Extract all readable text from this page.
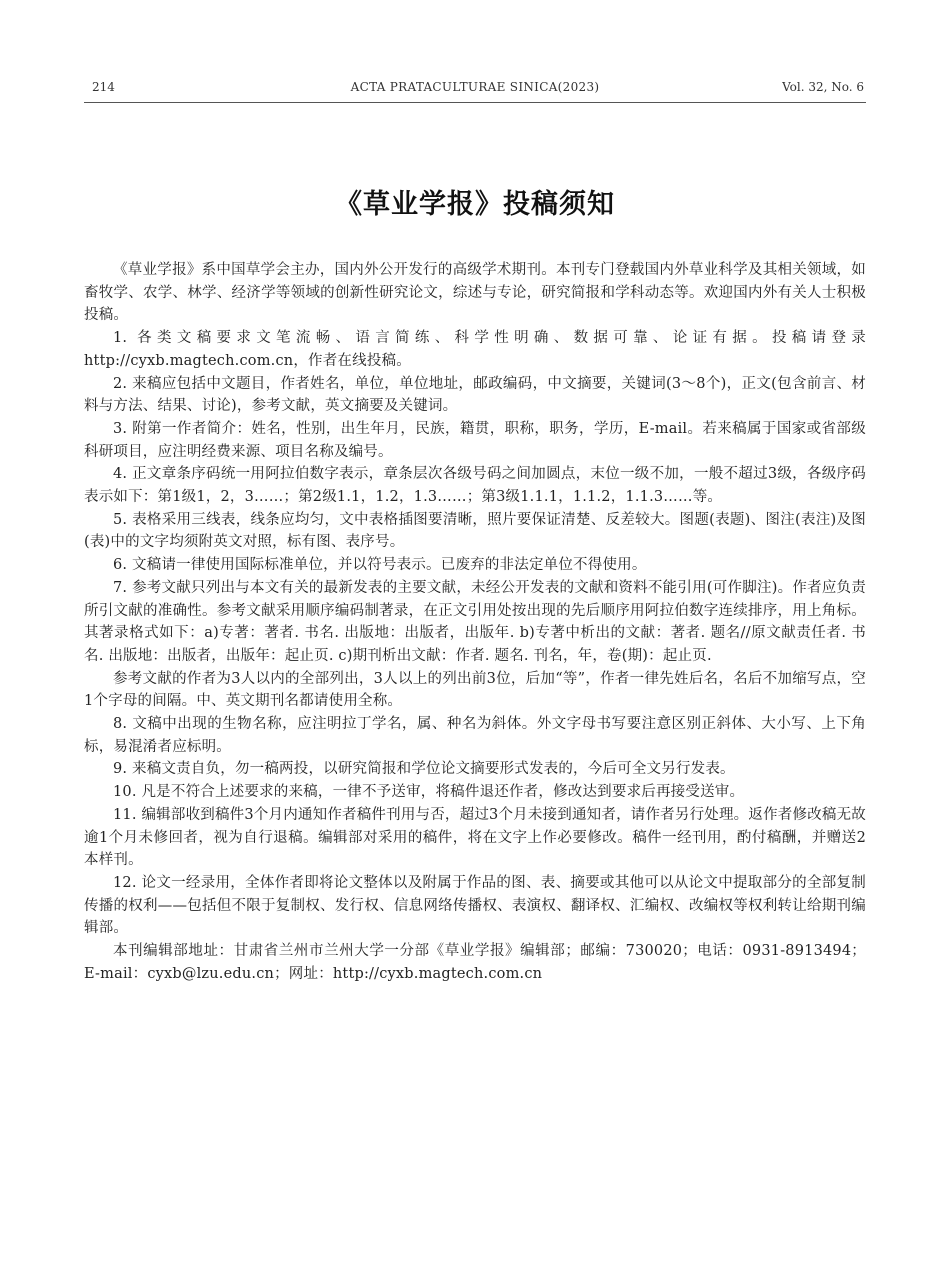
214	ACTA PRATACULTURAE SINICA(2023)	Vol. 32, No. 6
《草业学报》投稿须知

《草业学报》系中国草学会主办，国内外公开发行的高级学术期刊。本刊专门登载国内外草业科学及其相关领域，如畜牧学、农学、林学、经济学等领域的创新性研究论文，综述与专论，研究简报和学科动态等。欢迎国内外有关人士积极投稿。

1. 各类文稿要求文笔流畅、语言简练、科学性明确、数据可靠、论证有据。投稿请登录 http://cyxb.magtech.com.cn，作者在线投稿。

2. 来稿应包括中文题目，作者姓名，单位，单位地址，邮政编码，中文摘要，关键词(3～8个)，正文(包含前言、材料与方法、结果、讨论)，参考文献，英文摘要及关键词。

3. 附第一作者简介：姓名，性别，出生年月，民族，籍贯，职称，职务，学历，E-mail。若来稿属于国家或省部级科研项目，应注明经费来源、项目名称及编号。

4. 正文章条序码统一用阿拉伯数字表示，章条层次各级号码之间加圆点，末位一级不加，一般不超过3级，各级序码表示如下：第1级1，2，3……；第2级1.1，1.2，1.3……；第3级1.1.1，1.1.2，1.1.3……等。

5. 表格采用三线表，线条应均匀，文中表格插图要清晰，照片要保证清楚、反差较大。图题(表题)、图注(表注)及图(表)中的文字均须附英文对照，标有图、表序号。

6. 文稿请一律使用国际标准单位，并以符号表示。已废弃的非法定单位不得使用。

7. 参考文献只列出与本文有关的最新发表的主要文献，未经公开发表的文献和资料不能引用(可作脚注)。作者应负责所引文献的准确性。参考文献采用顺序编码制著录，在正文引用处按出现的先后顺序用阿拉伯数字连续排序，用上角标。其著录格式如下：a)专著：著者. 书名. 出版地：出版者，出版年. b)专著中析出的文献：著者. 题名//原文献责任者. 书名. 出版地：出版者，出版年：起止页. c)期刊析出文献：作者. 题名. 刊名，年，卷(期)：起止页.

参考文献的作者为3人以内的全部列出，3人以上的列出前3位，后加“等”，作者一律先姓后名，名后不加缩写点，空1个字母的间隔。中、英文期刊名都请使用全称。

8. 文稿中出现的生物名称，应注明拉丁学名，属、种名为斜体。外文字母书写要注意区别正斜体、大小写、上下角标，易混淆者应标明。

9. 来稿文责自负，勿一稿两投，以研究简报和学位论文摘要形式发表的，今后可全文另行发表。

10. 凡是不符合上述要求的来稿，一律不予送审，将稿件退还作者，修改达到要求后再接受送审。

11. 编辑部收到稿件3个月内通知作者稿件刊用与否，超过3个月未接到通知者，请作者另行处理。返作者修改稿无故逾1个月未修回者，视为自行退稿。编辑部对采用的稿件，将在文字上作必要修改。稿件一经刊用，酌付稿酬，并赠送2本样刊。

12. 论文一经录用，全体作者即将论文整体以及附属于作品的图、表、摘要或其他可以从论文中提取部分的全部复制传播的权利——包括但不限于复制权、发行权、信息网络传播权、表演权、翻译权、汇编权、改编权等权利转让给期刊编辑部。

本刊编辑部地址：甘肃省兰州市兰州大学一分部《草业学报》编辑部；邮编：730020；电话：0931-8913494；E-mail：cyxb@lzu.edu.cn；网址：http://cyxb.magtech.com.cn
